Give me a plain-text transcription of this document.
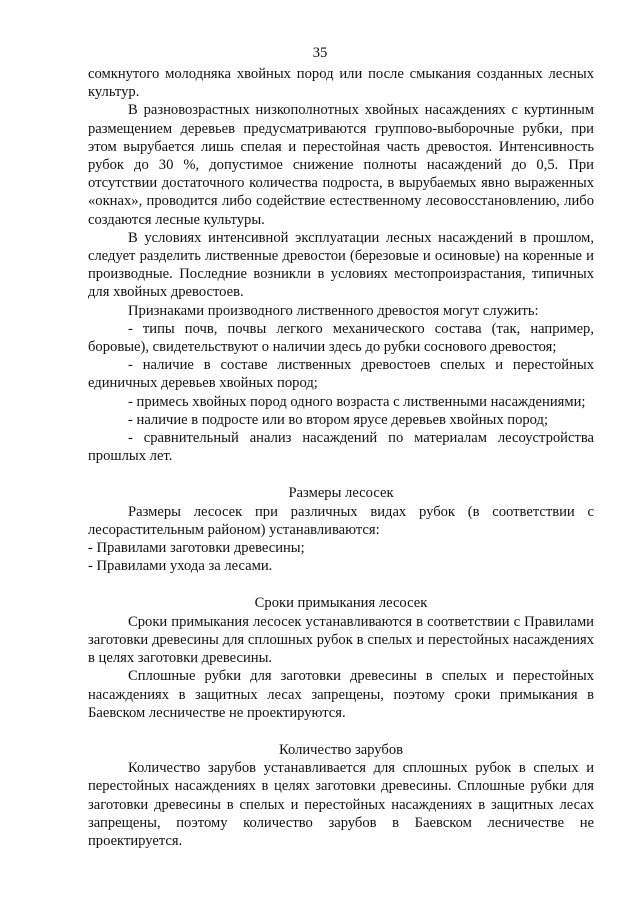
35

сомкнутого молодняка хвойных пород или после смыкания созданных лесных культур.

В разновозрастных низкополнотных хвойных насаждениях с куртинным размещением деревьев предусматриваются группово-выборочные рубки, при этом вырубается лишь спелая и перестойная часть древостоя. Интенсивность рубок до 30 %, допустимое снижение полноты насаждений до 0,5. При отсутствии достаточного количества подроста, в вырубаемых явно выраженных «окнах», проводится либо содействие естественному лесовосстановлению, либо создаются лесные культуры.

В условиях интенсивной эксплуатации лесных насаждений в прошлом, следует разделить лиственные древостои (березовые и осиновые) на коренные и производные. Последние возникли в условиях местопроизрастания, типичных для хвойных древостоев.

Признаками производного лиственного древостоя могут служить:

- типы почв, почвы легкого механического состава (так, например, боровые), свидетельствуют о наличии здесь до рубки соснового древостоя;

- наличие в составе лиственных древостоев спелых и перестойных единичных деревьев хвойных пород;

- примесь хвойных пород одного возраста с лиственными насаждениями;

- наличие в подросте или во втором ярусе деревьев хвойных пород;

- сравнительный анализ насаждений по материалам лесоустройства прошлых лет.

Размеры лесосек

Размеры лесосек при различных видах рубок (в соответствии с лесорастительным районом) устанавливаются:

- Правилами заготовки древесины;

- Правилами ухода за лесами.

Сроки примыкания лесосек

Сроки примыкания лесосек устанавливаются в соответствии с Правилами заготовки древесины для сплошных рубок в спелых и перестойных насаждениях в целях заготовки древесины.

Сплошные рубки для заготовки древесины в спелых и перестойных насаждениях в защитных лесах запрещены, поэтому сроки примыкания в Баевском лесничестве не проектируются.

Количество зарубов

Количество зарубов устанавливается для сплошных рубок в спелых и перестойных насаждениях в целях заготовки древесины. Сплошные рубки для заготовки древесины в спелых и перестойных насаждениях в защитных лесах запрещены, поэтому количество зарубов в Баевском лесничестве не проектируется.
